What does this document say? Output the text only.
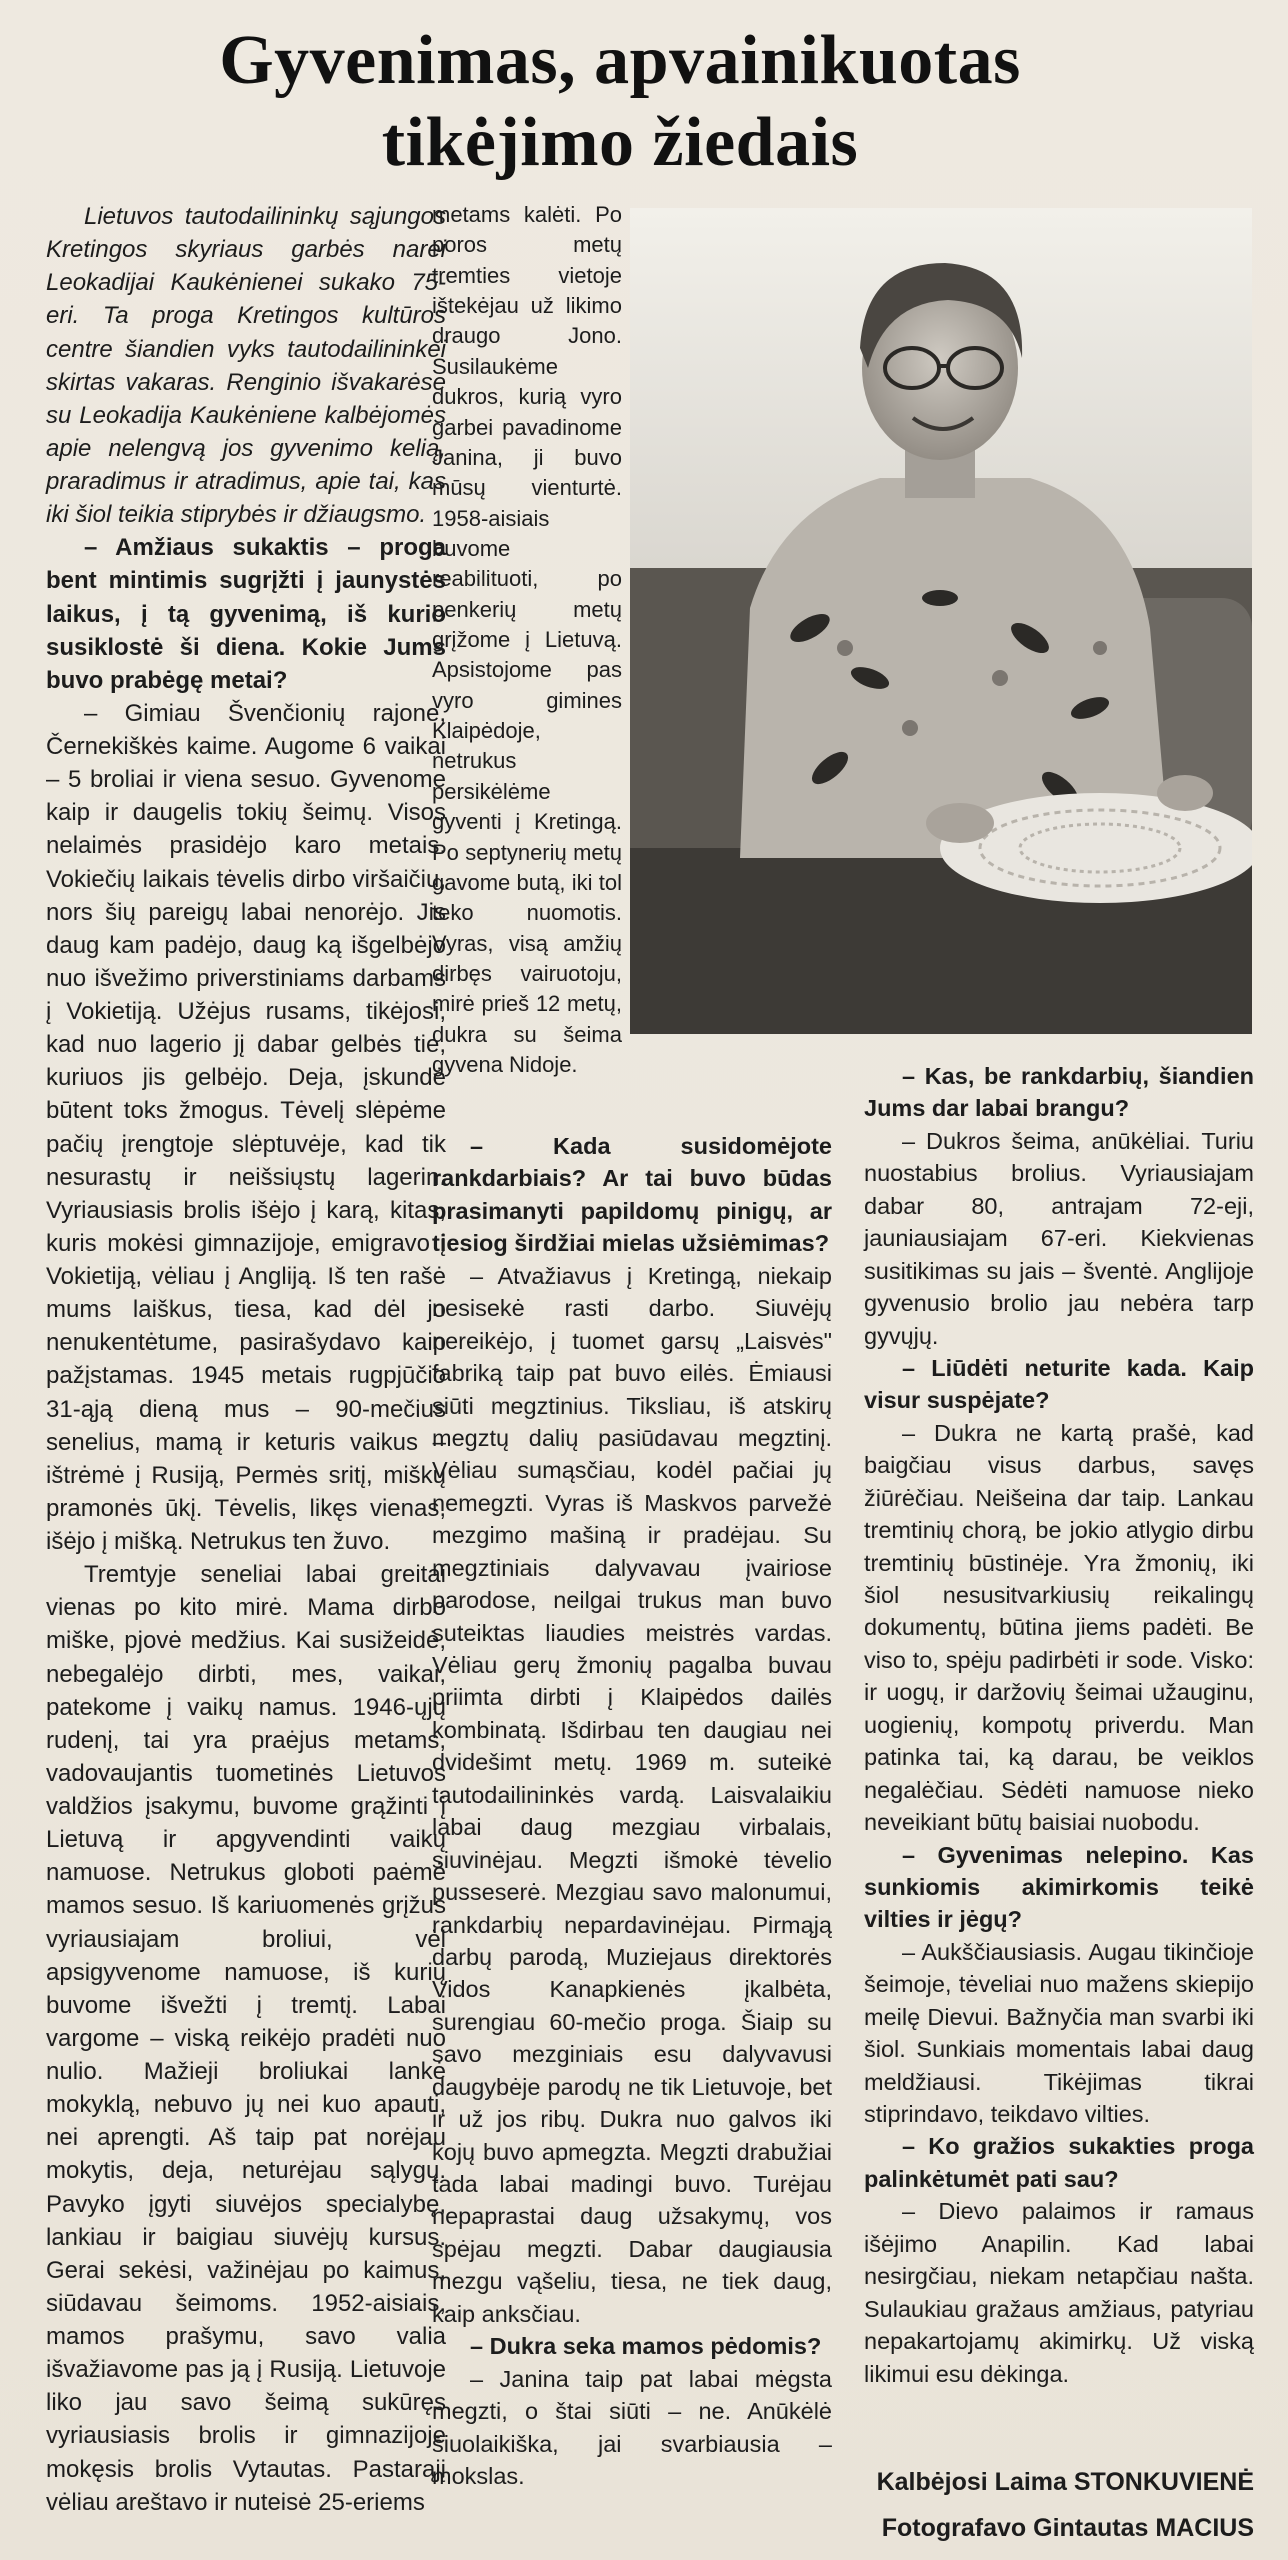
Gyvenimas, apvainikuotas
tikėjimo žiedais

Lietuvos tautodailininkų sąjungos Kretingos skyriaus garbės narei Leokadijai Kaukėnienei sukako 75-eri. Ta proga Kretingos kultūros centre šiandien vyks tautodailininkei skirtas vakaras. Renginio išvakarėse su Leokadija Kaukėniene kalbėjomės apie nelengvą jos gyvenimo kelią, praradimus ir atradimus, apie tai, kas iki šiol teikia stiprybės ir džiaugsmo.

– Amžiaus sukaktis – proga bent mintimis sugrįžti į jaunystės laikus, į tą gyvenimą, iš kurio susiklostė ši diena. Kokie Jums buvo prabėgę metai?

– Gimiau Švenčionių rajone, Černekiškės kaime. Augome 6 vaikai – 5 broliai ir viena sesuo. Gyvenome kaip ir daugelis tokių šeimų. Visos nelaimės prasidėjo karo metais. Vokiečių laikais tėvelis dirbo viršaičiu, nors šių pareigų labai nenorėjo. Jis daug kam padėjo, daug ką išgelbėjo nuo išvežimo priverstiniams darbams į Vokietiją. Užėjus rusams, tikėjosi, kad nuo lagerio jį dabar gelbės tie, kuriuos jis gelbėjo. Deja, įskundė būtent toks žmogus. Tėvelį slėpėme pačių įrengtoje slėptuvėje, kad tik nesurastų ir neišsiųstų lagerin. Vyriausiasis brolis išėjo į karą, kitas, kuris mokėsi gimnazijoje, emigravo į Vokietiją, vėliau į Angliją. Iš ten rašė mums laiškus, tiesa, kad dėl jo nenukentėtume, pasirašydavo kaip pažįstamas. 1945 metais rugpjūčio 31-ąją dieną mus – 90-mečius senelius, mamą ir keturis vaikus – ištrėmė į Rusiją, Permės sritį, miškų pramonės ūkį. Tėvelis, likęs vienas, išėjo į mišką. Netrukus ten žuvo.

Tremtyje seneliai labai greitai vienas po kito mirė. Mama dirbo miške, pjovė medžius. Kai susižeidė, nebegalėjo dirbti, mes, vaikai, patekome į vaikų namus. 1946-ųjų rudenį, tai yra praėjus metams, vadovaujantis tuometinės Lietuvos valdžios įsakymu, buvome grąžinti į Lietuvą ir apgyvendinti vaikų namuose. Netrukus globoti paėmė mamos sesuo. Iš kariuomenės grįžus vyriausiajam broliui, vėl apsigyvenome namuose, iš kurių buvome išvežti į tremtį. Labai vargome – viską reikėjo pradėti nuo nulio. Mažieji broliukai lankė mokyklą, nebuvo jų nei kuo apauti, nei aprengti. Aš taip pat norėjau mokytis, deja, neturėjau sąlygų. Pavyko įgyti siuvėjos specialybę, lankiau ir baigiau siuvėjų kursus. Gerai sekėsi, važinėjau po kaimus, siūdavau šeimoms. 1952-aisiais, mamos prašymu, savo valia išvažiavome pas ją į Rusiją. Lietuvoje liko jau savo šeimą sukūręs vyriausiasis brolis ir gimnazijoje mokęsis brolis Vytautas. Pastarąjį vėliau areštavo ir nuteisė 25-eriems

metams kalėti. Po poros metų tremties vietoje ištekėjau už likimo draugo Jono. Susilaukėme dukros, kurią vyro garbei pavadinome Janina, ji buvo mūsų vienturtė. 1958-aisiais buvome reabilituoti, po penkerių metų grįžome į Lietuvą. Apsistojome pas vyro gimines Klaipėdoje, netrukus persikėlėme gyventi į Kretingą. Po septynerių metų gavome butą, iki tol teko nuomotis. Vyras, visą amžių dirbęs vairuotoju, mirė prieš 12 metų, dukra su šeima gyvena Nidoje.

– Kada susidomėjote rankdarbiais? Ar tai buvo būdas prasimanyti papildomų pinigų, ar tiesiog širdžiai mielas užsiėmimas?

– Atvažiavus į Kretingą, niekaip nesisekė rasti darbo. Siuvėjų nereikėjo, į tuomet garsų „Laisvės" fabriką taip pat buvo eilės. Ėmiausi siūti megztinius. Tiksliau, iš atskirų megztų dalių pasiūdavau megztinį. Vėliau sumąsčiau, kodėl pačiai jų nemegzti. Vyras iš Maskvos parvežė mezgimo mašiną ir pradėjau. Su megztiniais dalyvavau įvairiose parodose, neilgai trukus man buvo suteiktas liaudies meistrės vardas. Vėliau gerų žmonių pagalba buvau priimta dirbti į Klaipėdos dailės kombinatą. Išdirbau ten daugiau nei dvidešimt metų. 1969 m. suteikė tautodailininkės vardą. Laisvalaikiu labai daug mezgiau virbalais, siuvinėjau. Megzti išmokė tėvelio pusseserė. Mezgiau savo malonumui, rankdarbių nepardavinėjau. Pirmąją darbų parodą, Muziejaus direktorės Vidos Kanapkienės įkalbėta, surengiau 60-mečio proga. Šiaip su savo mezginiais esu dalyvavusi daugybėje parodų ne tik Lietuvoje, bet ir už jos ribų. Dukra nuo galvos iki kojų buvo apmegzta. Megzti drabužiai tada labai madingi buvo. Turėjau nepaprastai daug užsakymų, vos spėjau megzti. Dabar daugiausia mezgu vąšeliu, tiesa, ne tiek daug, kaip anksčiau.

– Dukra seka mamos pėdomis?

– Janina taip pat labai mėgsta megzti, o štai siūti – ne. Anūkėlė šiuolaikiška, jai svarbiausia – mokslas.

– Kas, be rankdarbių, šiandien Jums dar labai brangu?

– Dukros šeima, anūkėliai. Turiu nuostabius brolius. Vyriausiajam dabar 80, antrajam 72-eji, jauniausiajam 67-eri. Kiekvienas susitikimas su jais – šventė. Anglijoje gyvenusio brolio jau nebėra tarp gyvųjų.

– Liūdėti neturite kada. Kaip visur suspėjate?

– Dukra ne kartą prašė, kad baigčiau visus darbus, savęs žiūrėčiau. Neišeina dar taip. Lankau tremtinių chorą, be jokio atlygio dirbu tremtinių būstinėje. Yra žmonių, iki šiol nesusitvarkiusių reikalingų dokumentų, būtina jiems padėti. Be viso to, spėju padirbėti ir sode. Visko: ir uogų, ir daržovių šeimai užauginu, uogienių, kompotų priverdu. Man patinka tai, ką darau, be veiklos negalėčiau. Sėdėti namuose nieko neveikiant būtų baisiai nuobodu.

– Gyvenimas nelepino. Kas sunkiomis akimirkomis teikė vilties ir jėgų?

– Aukščiausiasis. Augau tikinčioje šeimoje, tėveliai nuo mažens skiepijo meilę Dievui. Bažnyčia man svarbi iki šiol. Sunkiais momentais labai daug meldžiausi. Tikėjimas tikrai stiprindavo, teikdavo vilties.

– Ko gražios sukakties proga palinkėtumėt pati sau?

– Dievo palaimos ir ramaus išėjimo Anapilin. Kad labai nesirgčiau, niekam netapčiau našta. Sulaukiau gražaus amžiaus, patyriau nepakartojamų akimirkų. Už viską likimui esu dėkinga.

Kalbėjosi Laima STONKUVIENĖ
Fotografavo Gintautas MACIUS
